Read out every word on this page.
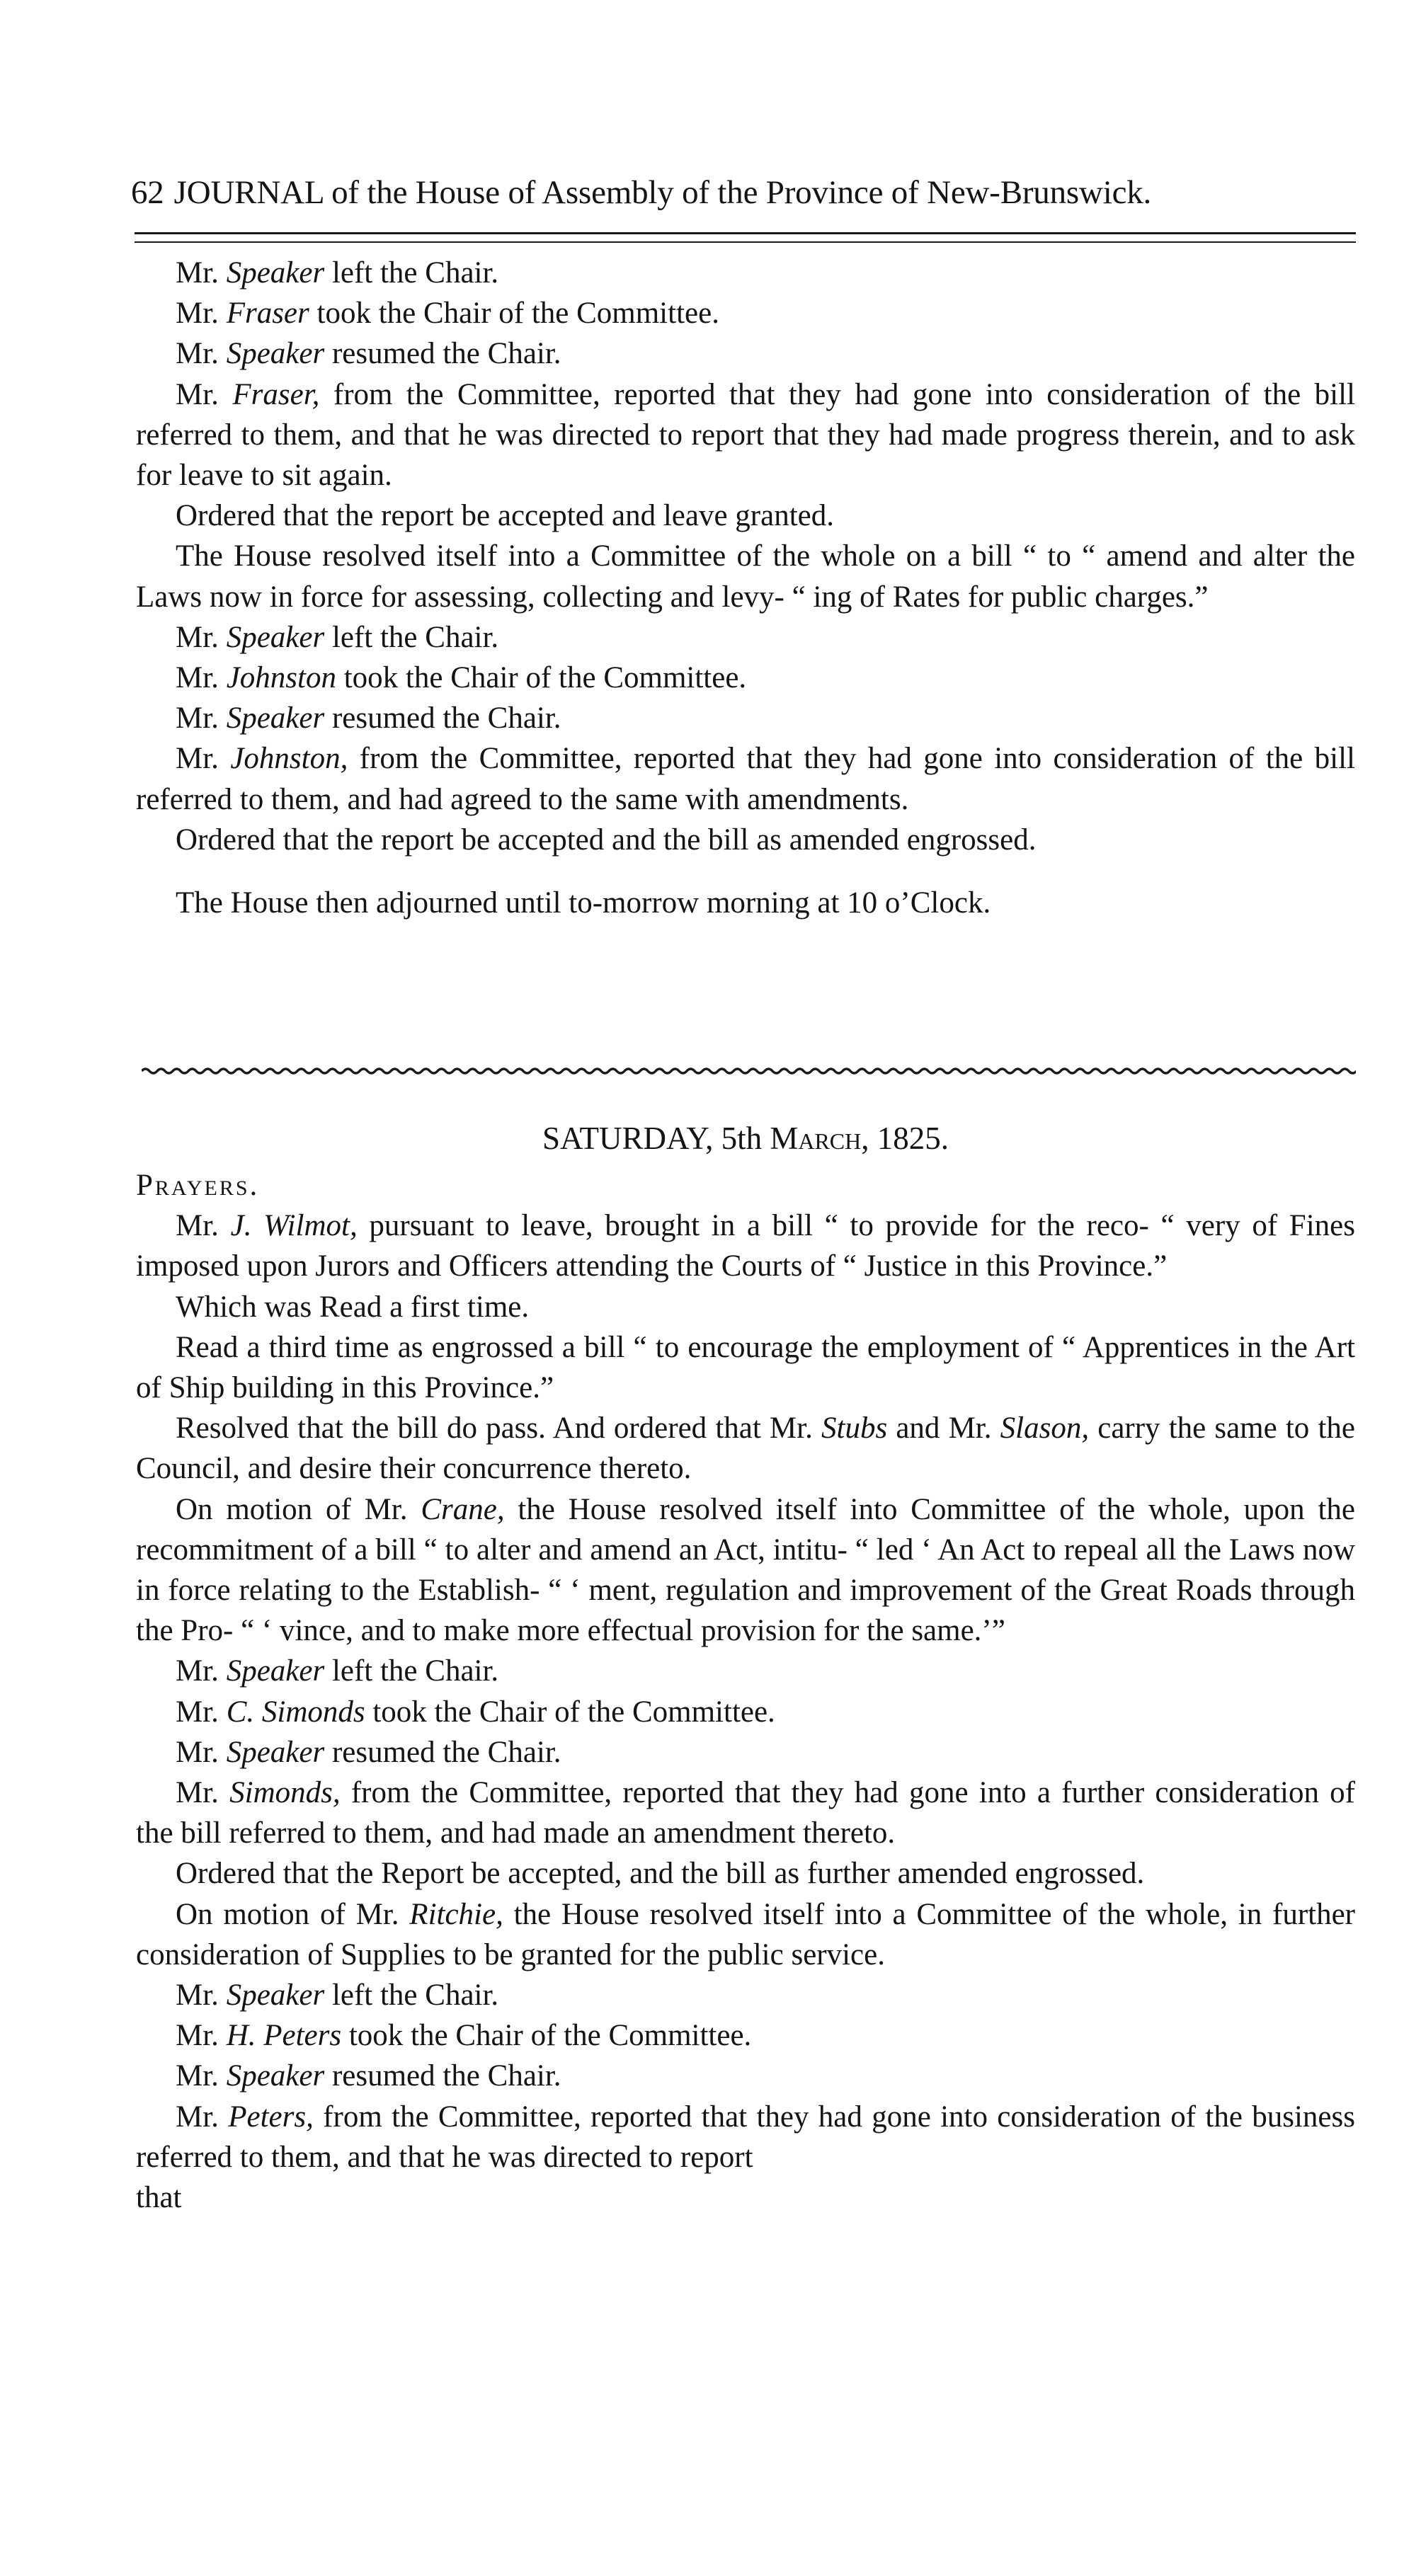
62 JOURNAL of the House of Assembly of the Province of New-Brunswick.

Mr. Speaker left the Chair.

Mr. Fraser took the Chair of the Committee.

Mr. Speaker resumed the Chair.

Mr. Fraser, from the Committee, reported that they had gone into consideration of the bill referred to them, and that he was directed to report that they had made progress therein, and to ask for leave to sit again.

Ordered that the report be accepted and leave granted.

The House resolved itself into a Committee of the whole on a bill “ to “ amend and alter the Laws now in force for assessing, collecting and levy- “ ing of Rates for public charges.”

Mr. Speaker left the Chair.

Mr. Johnston took the Chair of the Committee.

Mr. Speaker resumed the Chair.

Mr. Johnston, from the Committee, reported that they had gone into consideration of the bill referred to them, and had agreed to the same with amendments.

Ordered that the report be accepted and the bill as amended engrossed.

The House then adjourned until to-morrow morning at 10 o’Clock.

SATURDAY, 5th March, 1825.

Prayers.

Mr. J. Wilmot, pursuant to leave, brought in a bill “ to provide for the reco- “ very of Fines imposed upon Jurors and Officers attending the Courts of “ Justice in this Province.”

Which was Read a first time.

Read a third time as engrossed a bill “ to encourage the employment of “ Apprentices in the Art of Ship building in this Province.”

Resolved that the bill do pass. And ordered that Mr. Stubs and Mr. Slason, carry the same to the Council, and desire their concurrence thereto.

On motion of Mr. Crane, the House resolved itself into Committee of the whole, upon the recommitment of a bill “ to alter and amend an Act, intitu- “ led ‘ An Act to repeal all the Laws now in force relating to the Establish- “ ‘ ment, regulation and improvement of the Great Roads through the Pro- “ ‘ vince, and to make more effectual provision for the same.’”

Mr. Speaker left the Chair.

Mr. C. Simonds took the Chair of the Committee.

Mr. Speaker resumed the Chair.

Mr. Simonds, from the Committee, reported that they had gone into a further consideration of the bill referred to them, and had made an amendment thereto.

Ordered that the Report be accepted, and the bill as further amended engrossed.

On motion of Mr. Ritchie, the House resolved itself into a Committee of the whole, in further consideration of Supplies to be granted for the public service.

Mr. Speaker left the Chair.

Mr. H. Peters took the Chair of the Committee.

Mr. Speaker resumed the Chair.

Mr. Peters, from the Committee, reported that they had gone into consideration of the business referred to them, and that he was directed to report

that
